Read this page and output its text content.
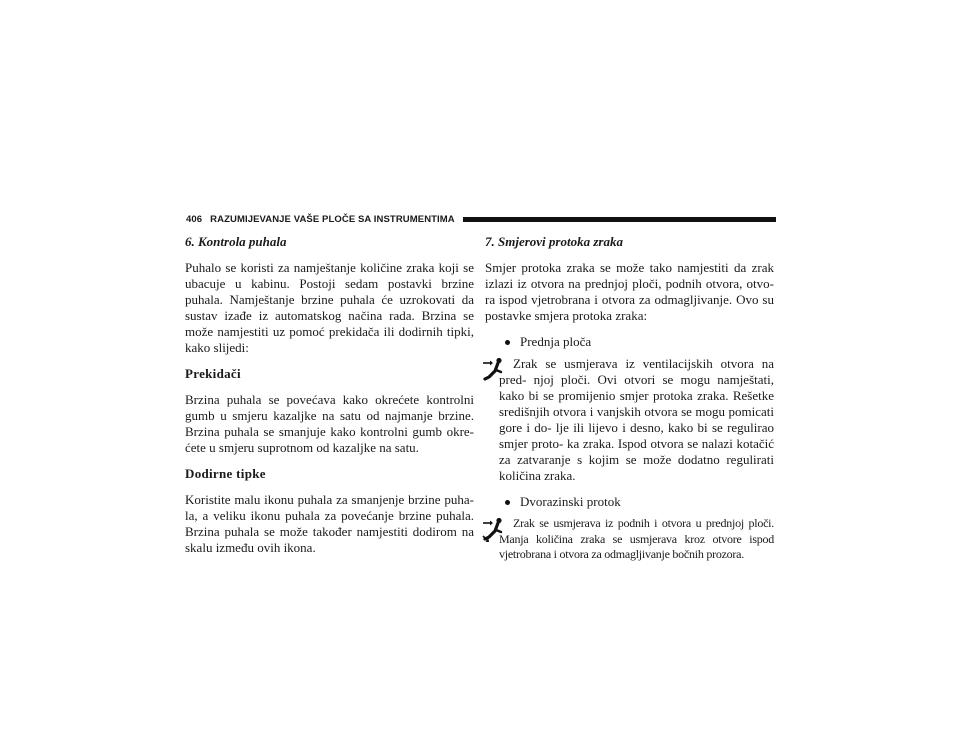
406 RAZUMIJEVANJE VAŠE PLOČE SA INSTRUMENTIMA
6. Kontrola puhala
Puhalo se koristi za namještanje količine zraka koji se ubacuje u kabinu. Postoji sedam postavki brzine puhala. Namještanje brzine puhala će uzrokovati da sustav izađe iz automatskog načina rada. Brzina se može namjestiti uz pomoć prekidača ili dodirnih tipki, kako slijedi:
Prekidači
Brzina puhala se povećava kako okrećete kontrolni gumb u smjeru kazaljke na satu od najmanje brzine. Brzina puhala se smanjuje kako kontrolni gumb okre- ćete u smjeru suprotnom od kazaljke na satu.
Dodirne tipke
Koristite malu ikonu puhala za smanjenje brzine puha- la, a veliku ikonu puhala za povećanje brzine puhala. Brzina puhala se može također namjestiti dodirom na skalu između ovih ikona.
7. Smjerovi protoka zraka
Smjer protoka zraka se može tako namjestiti da zrak izlazi iz otvora na prednjoj ploči, podnih otvora, otvo- ra ispod vjetrobrana i otvora za odmagljivanje. Ovo su postavke smjera protoka zraka:
Prednja ploča
Zrak se usmjerava iz ventilacijskih otvora na pred- njoj ploči. Ovi otvori se mogu namještati, kako bi se promijenio smjer protoka zraka. Rešetke središnjih otvora i vanjskih otvora se mogu pomicati gore i do- lje ili lijevo i desno, kako bi se regulirao smjer proto- ka zraka. Ispod otvora se nalazi kotačić za zatvaranje s kojim se može dodatno regulirati količina zraka.
Dvorazinski protok
Zrak se usmjerava iz podnih i otvora u prednjoj ploči. Manja količina zraka se usmjerava kroz otvore ispod vjetrobrana i otvora za odmagljivanje bočnih prozora.
